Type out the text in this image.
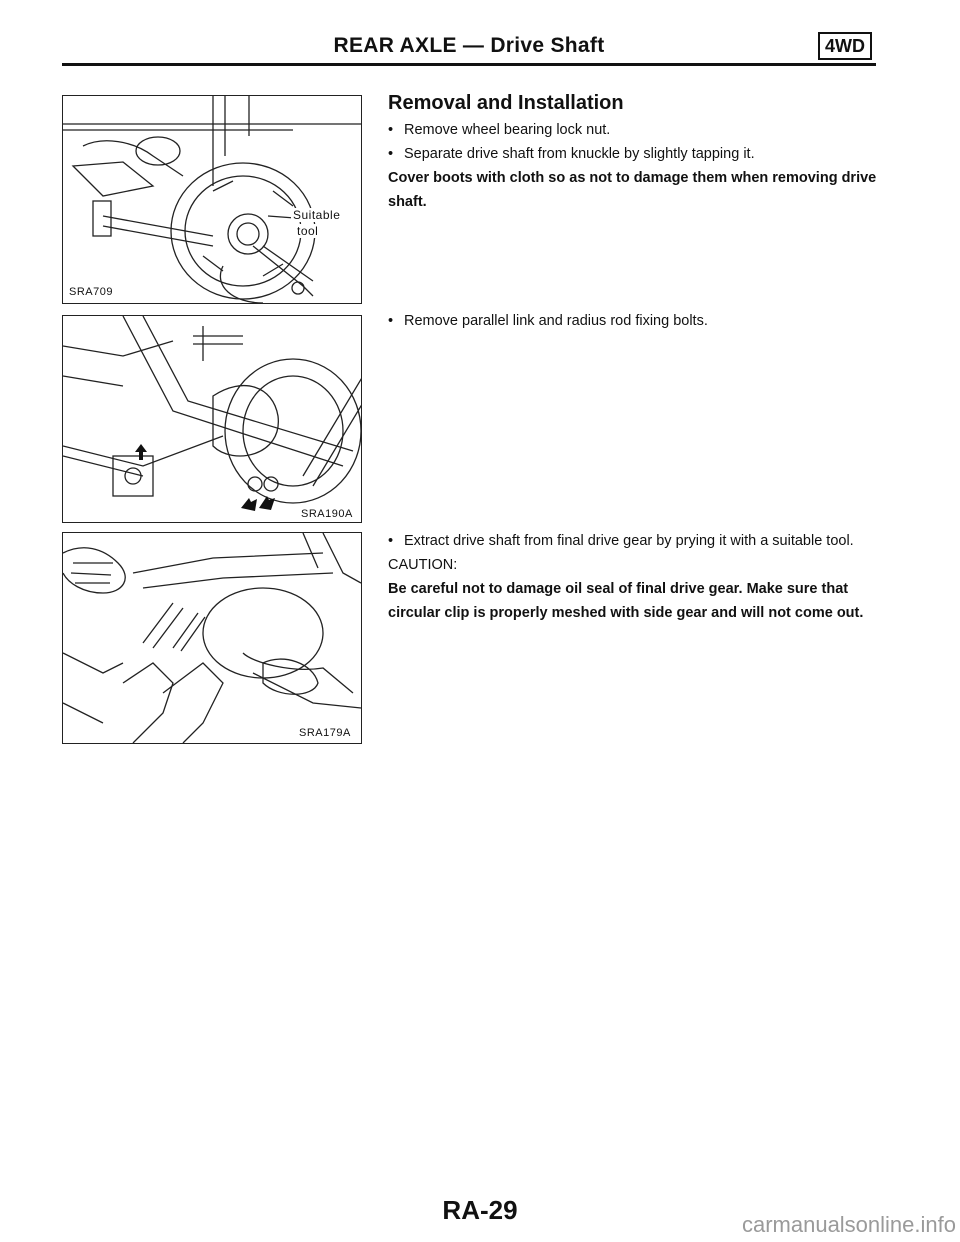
REAR AXLE — Drive Shaft	4WD
Suitable
tool
SRA709
SRA190A
SRA179A
Removal and Installation
• Remove wheel bearing lock nut.
• Separate drive shaft from knuckle by slightly tapping it.
Cover boots with cloth so as not to damage them when removing drive shaft.
• Remove parallel link and radius rod fixing bolts.
• Extract drive shaft from final drive gear by prying it with a suitable tool.
CAUTION:
Be careful not to damage oil seal of final drive gear. Make sure that circular clip is properly meshed with side gear and will not come out.
RA-29	carmanualsonline.info
